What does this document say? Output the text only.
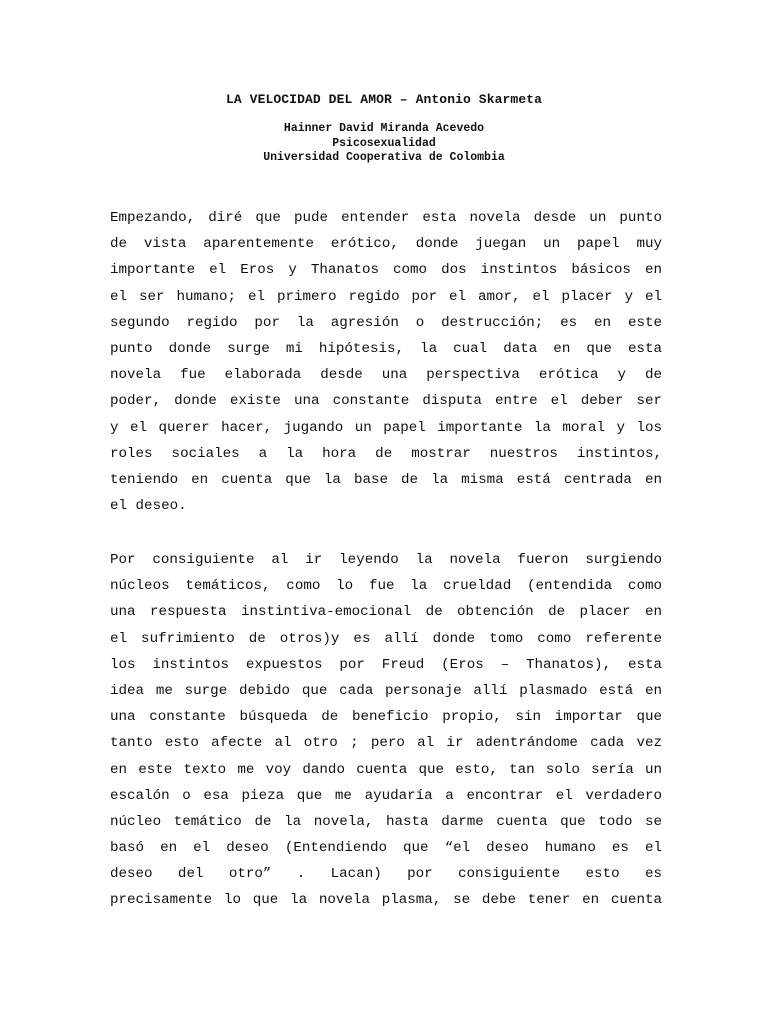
LA VELOCIDAD DEL AMOR – Antonio Skarmeta
Hainner David Miranda Acevedo
Psicosexualidad
Universidad Cooperativa de Colombia
Empezando, diré que pude entender esta novela desde un punto
de vista aparentemente erótico, donde juegan un papel muy
importante el Eros y Thanatos como dos instintos básicos en
el ser humano; el primero regido por el amor, el placer y el
segundo regido por la agresión o destrucción; es en este
punto donde surge mi hipótesis, la cual data en que esta
novela fue elaborada desde una perspectiva erótica y de
poder, donde existe una constante disputa entre el deber ser
y el querer hacer, jugando un papel importante la moral y los
roles sociales a la hora de mostrar nuestros instintos,
teniendo en cuenta que la base de la misma está centrada en
el deseo.
Por consiguiente al ir leyendo la novela fueron surgiendo
núcleos temáticos, como lo fue la crueldad (entendida como
una respuesta instintiva-emocional de obtención de placer en
el sufrimiento de otros)y es allí donde tomo como referente
los instintos expuestos por Freud (Eros – Thanatos), esta
idea me surge debido que cada personaje allí plasmado está en
una constante búsqueda de beneficio propio, sin importar que
tanto esto afecte al otro ; pero al ir adentrándome cada vez
en este texto me voy dando cuenta que esto, tan solo sería un
escalón o esa pieza que me ayudaría a encontrar el verdadero
núcleo temático de la novela, hasta darme cuenta que todo se
basó en el deseo (Entendiendo que “el deseo humano es el
deseo del otro” . Lacan) por consiguiente esto es
precisamente lo que la novela plasma, se debe tener en cuenta
